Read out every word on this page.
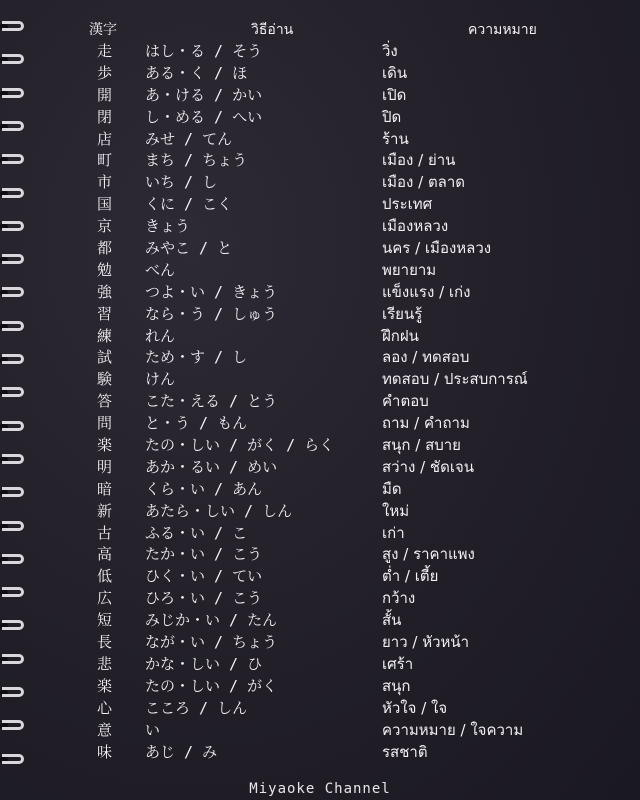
漢字	วิธีอ่าน	ความหมาย
走 はし・る / そう	วิ่ง
歩 ある・く / ほ	เดิน
開 あ・ける / かい	เปิด
閉 し・める / へい	ปิด
店 みせ / てん	ร้าน
町 まち / ちょう	เมือง / ย่าน
市 いち / し	เมือง / ตลาด
国 くに / こく	ประเทศ
京 きょう	เมืองหลวง
都 みやこ / と	นคร / เมืองหลวง
勉 べん	พยายาม
強 つよ・い / きょう	แข็งแรง / เก่ง
習 なら・う / しゅう	เรียนรู้
練 れん	ฝึกฝน
試 ため・す / し	ลอง / ทดสอบ
験 けん	ทดสอบ / ประสบการณ์
答 こた・える / とう	คำตอบ
問 と・う / もん	ถาม / คำถาม
楽 たの・しい / がく / らく	สนุก / สบาย
明 あか・るい / めい	สว่าง / ชัดเจน
暗 くら・い / あん	มืด
新 あたら・しい / しん	ใหม่
古 ふる・い / こ	เก่า
高 たか・い / こう	สูง / ราคาแพง
低 ひく・い / てい	ต่ำ / เตี้ย
広 ひろ・い / こう	กว้าง
短 みじか・い / たん	สั้น
長 なが・い / ちょう	ยาว / หัวหน้า
悲 かな・しい / ひ	เศร้า
楽 たの・しい / がく	สนุก
心 こころ / しん	หัวใจ / ใจ
意 い	ความหมาย / ใจความ
味 あじ / み	รสชาติ
Miyaoke Channel
